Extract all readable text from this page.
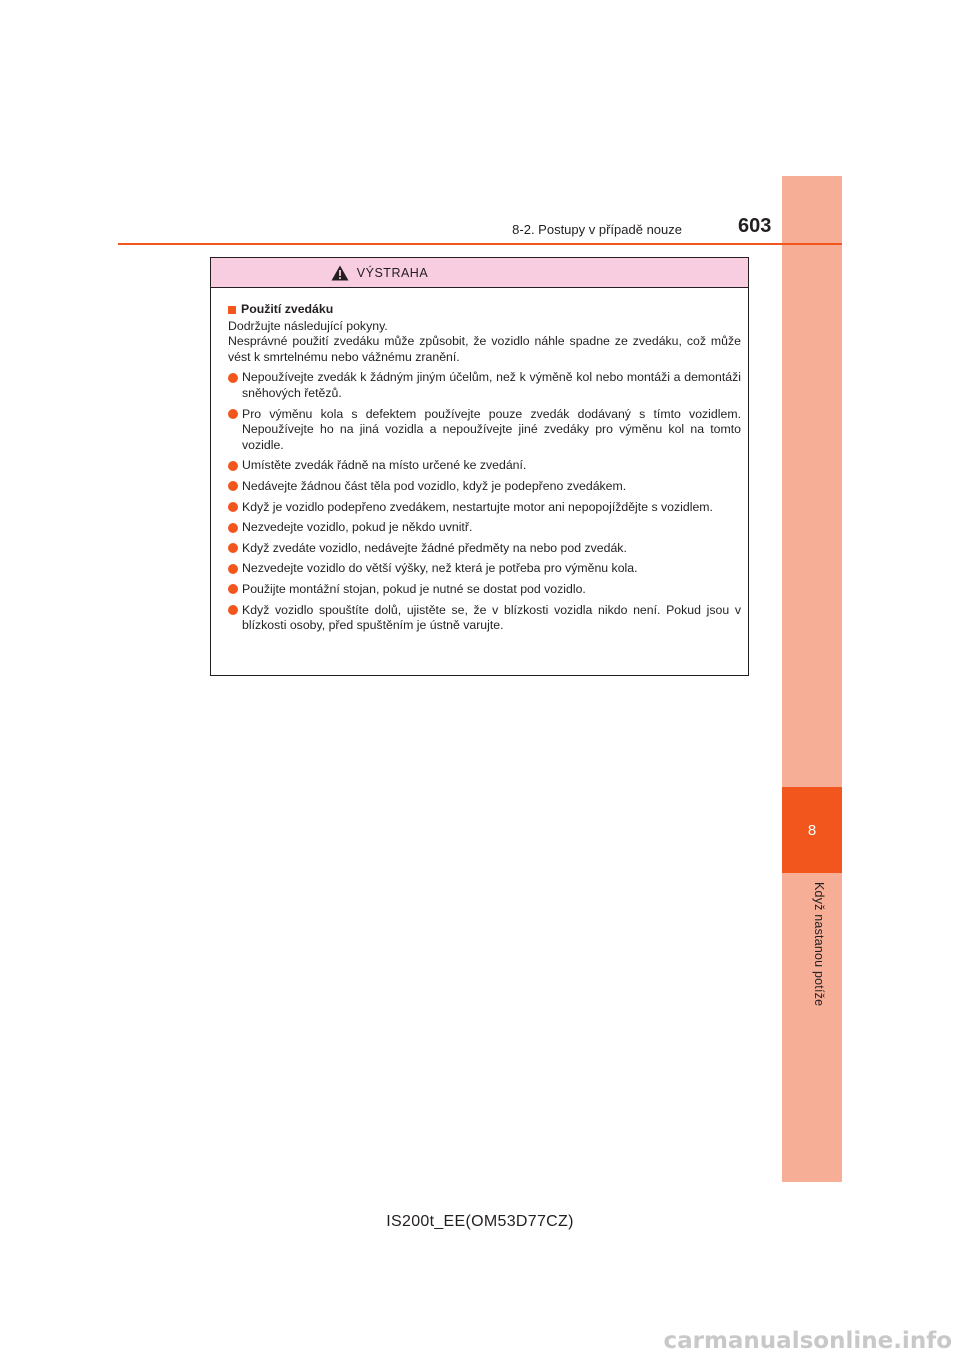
8
Když nastanou potíže
8-2. Postupy v případě nouze	603
VÝSTRAHA
Použití zvedáku
Dodržujte následující pokyny.
Nesprávné použití zvedáku může způsobit, že vozidlo náhle spadne ze zvedáku, což může vést k smrtelnému nebo vážnému zranění.
Nepoužívejte zvedák k žádným jiným účelům, než k výměně kol nebo montáži a demontáži sněhových řetězů.
Pro výměnu kola s defektem používejte pouze zvedák dodávaný s tímto vozidlem. Nepoužívejte ho na jiná vozidla a nepoužívejte jiné zvedáky pro výměnu kol na tomto vozidle.
Umístěte zvedák řádně na místo určené ke zvedání.
Nedávejte žádnou část těla pod vozidlo, když je podepřeno zvedákem.
Když je vozidlo podepřeno zvedákem, nestartujte motor ani nepopojíždějte s vozidlem.
Nezvedejte vozidlo, pokud je někdo uvnitř.
Když zvedáte vozidlo, nedávejte žádné předměty na nebo pod zvedák.
Nezvedejte vozidlo do větší výšky, než která je potřeba pro výměnu kola.
Použijte montážní stojan, pokud je nutné se dostat pod vozidlo.
Když vozidlo spouštíte dolů, ujistěte se, že v blízkosti vozidla nikdo není. Pokud jsou v blízkosti osoby, před spuštěním je ústně varujte.
IS200t_EE(OM53D77CZ)
carmanualsonline.info
